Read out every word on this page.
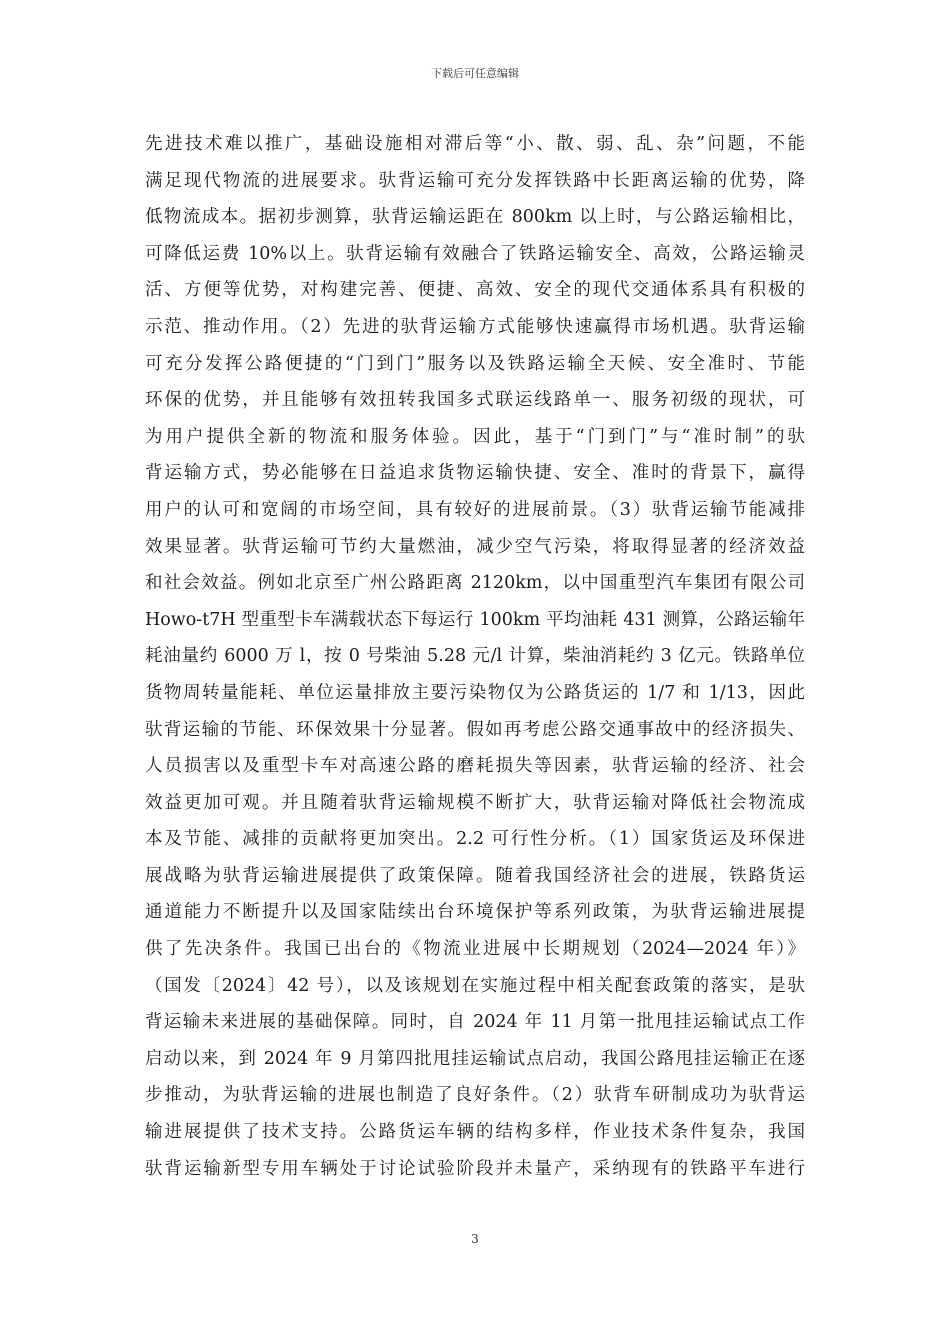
下载后可任意编辑
先进技术难以推广，基础设施相对滞后等“小、散、弱、乱、杂”问题，不能
满足现代物流的进展要求。驮背运输可充分发挥铁路中长距离运输的优势，降
低物流成本。据初步测算，驮背运输运距在 800km 以上时，与公路运输相比，
可降低运费 10%以上。驮背运输有效融合了铁路运输安全、高效，公路运输灵
活、方便等优势，对构建完善、便捷、高效、安全的现代交通体系具有积极的
示范、推动作用。（2）先进的驮背运输方式能够快速赢得市场机遇。驮背运输
可充分发挥公路便捷的“门到门”服务以及铁路运输全天候、安全准时、节能
环保的优势，并且能够有效扭转我国多式联运线路单一、服务初级的现状，可
为用户提供全新的物流和服务体验。因此，基于“门到门”与“准时制”的驮
背运输方式，势必能够在日益追求货物运输快捷、安全、准时的背景下，赢得
用户的认可和宽阔的市场空间，具有较好的进展前景。（3）驮背运输节能减排
效果显著。驮背运输可节约大量燃油，减少空气污染，将取得显著的经济效益
和社会效益。例如北京至广州公路距离 2120km，以中国重型汽车集团有限公司
Howo-t7H 型重型卡车满载状态下每运行 100km 平均油耗 431 测算，公路运输年
耗油量约 6000 万 l，按 0 号柴油 5.28 元/l 计算，柴油消耗约 3 亿元。铁路单位
货物周转量能耗、单位运量排放主要污染物仅为公路货运的 1/7 和 1/13，因此
驮背运输的节能、环保效果十分显著。假如再考虑公路交通事故中的经济损失、
人员损害以及重型卡车对高速公路的磨耗损失等因素，驮背运输的经济、社会
效益更加可观。并且随着驮背运输规模不断扩大，驮背运输对降低社会物流成
本及节能、减排的贡献将更加突出。2.2 可行性分析。（1）国家货运及环保进
展战略为驮背运输进展提供了政策保障。随着我国经济社会的进展，铁路货运
通道能力不断提升以及国家陆续出台环境保护等系列政策，为驮背运输进展提
供了先决条件。我国已出台的《物流业进展中长期规划（2024—2024 年）》
（国发〔2024〕42 号），以及该规划在实施过程中相关配套政策的落实，是驮
背运输未来进展的基础保障。同时，自 2024 年 11 月第一批甩挂运输试点工作
启动以来，到 2024 年 9 月第四批甩挂运输试点启动，我国公路甩挂运输正在逐
步推动，为驮背运输的进展也制造了良好条件。（2）驮背车研制成功为驮背运
输进展提供了技术支持。公路货运车辆的结构多样，作业技术条件复杂，我国
驮背运输新型专用车辆处于讨论试验阶段并未量产，采纳现有的铁路平车进行
3
